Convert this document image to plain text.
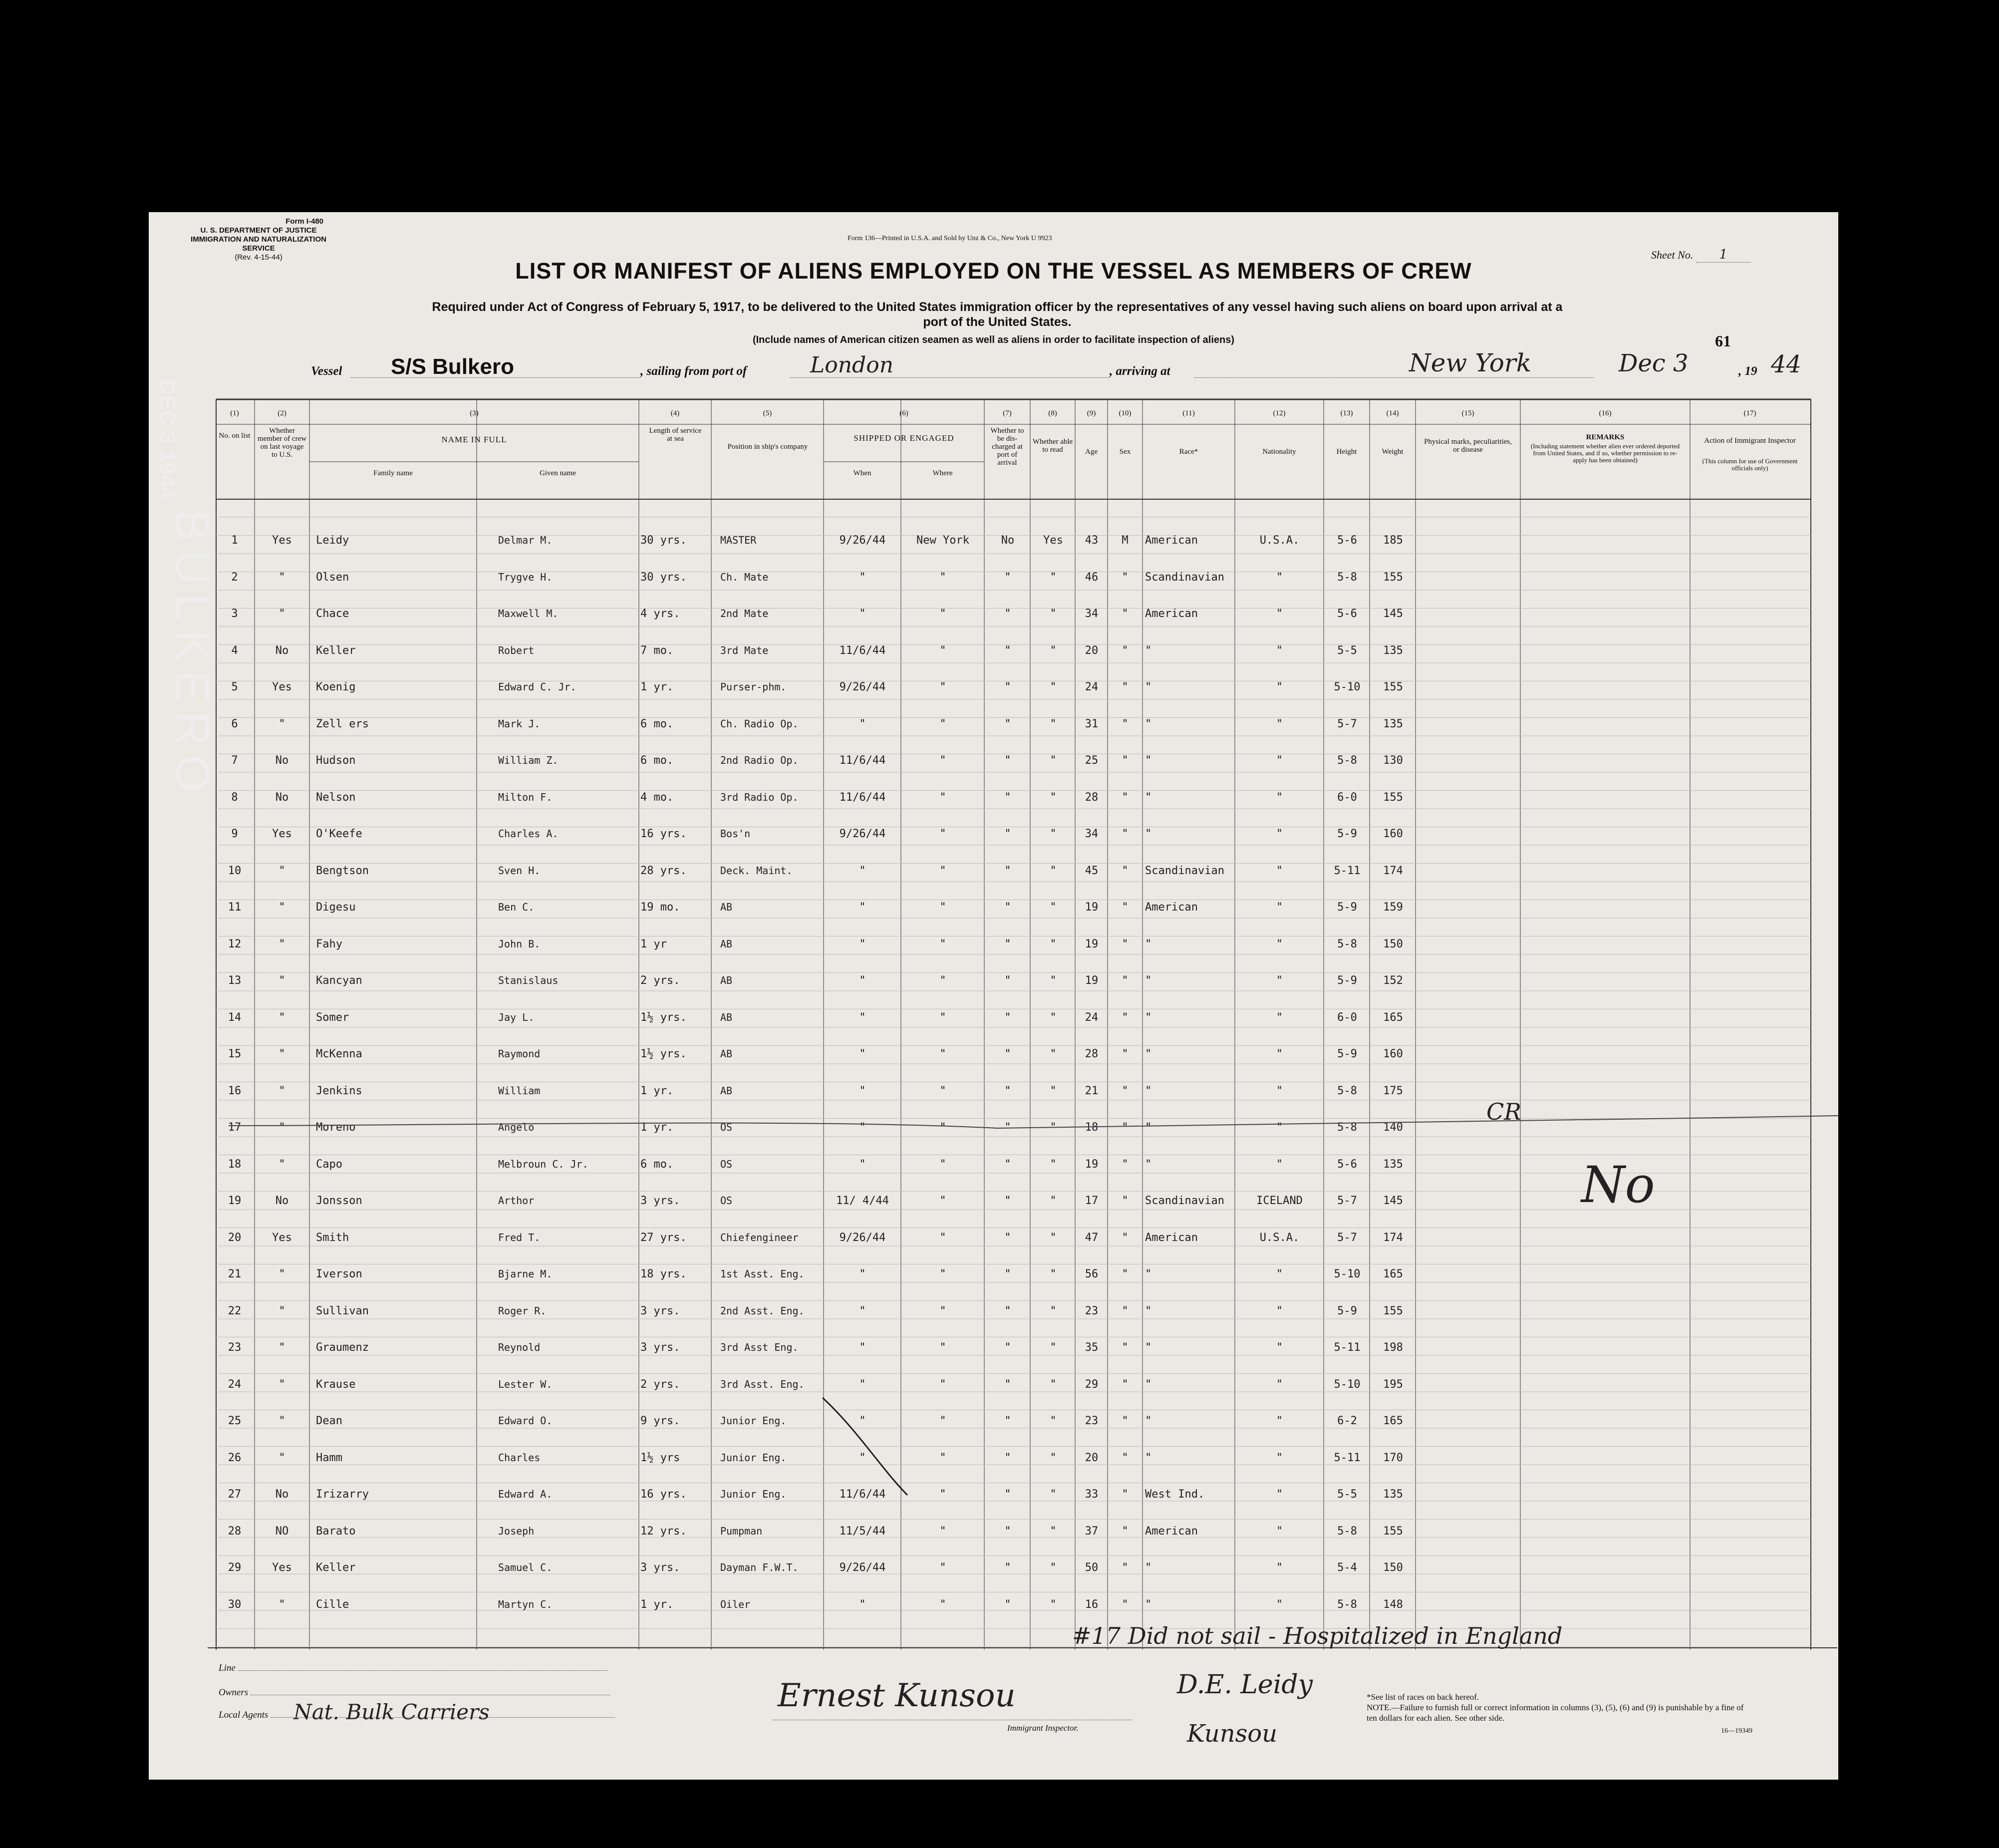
Form I-480
U. S. DEPARTMENT OF JUSTICE
IMMIGRATION AND NATURALIZATION SERVICE
(Rev. 4-15-44)
Form 136—Printed in U.S.A. and Sold by Unz & Co., New York U 9923
Sheet No. 1
LIST OR MANIFEST OF ALIENS EMPLOYED ON THE VESSEL AS MEMBERS OF CREW
Required under Act of Congress of February 5, 1917, to be delivered to the United States immigration officer by the representatives of any vessel having such aliens on board upon arrival at a
port of the United States.
(Include names of American citizen seamen as well as aliens in order to facilitate inspection of aliens)	61
Vessel S/S Bulkero	, sailing from port of	London	, arriving at	New York	Dec 3	, 19 44
(1)	(2)	(3)	(4)	(5)	(6)	(7)	(8)	(9)	(10)	(11)	(12)	(13)	(14)	(15)	(16)	(17)
No. on list
Whether member of crew on last voyage to U.S.
NAME IN FULL
Family name	Given name
Length of service at sea
Position in ship's company
SHIPPED OR ENGAGED
When	Where
Whether to be dis- charged at port of arrival
Whether able to read	Age	Sex	Race*	Nationality	Height	Weight
Physical marks, peculiarities, or disease
REMARKS
(Including statement whether alien ever ordered deported from United States, and if so, whether permission to re-apply has been obtained)
Action of Immigrant Inspector
(This column for use of Government officials only)
1	Yes	Leidy	Delmar M.	30 yrs.	MASTER	9/26/44	New York	No	Yes	43	M	American	U.S.A.	5-6	185
2	"	Olsen	Trygve H.	30 yrs.	Ch. Mate	"	"	"	"	46	"	Scandinavian	"	5-8	155
3	"	Chace	Maxwell M.	4 yrs.	2nd Mate	"	"	"	"	34	"	American	"	5-6	145
4	No	Keller	Robert	7 mo.	3rd Mate	11/6/44	"	"	"	20	"	"	"	5-5	135
5	Yes	Koenig	Edward C. Jr.	1 yr.	Purser-phm.	9/26/44	"	"	"	24	"	"	"	5-10	155
6	"	Zell ers	Mark J.	6 mo.	Ch. Radio Op.	"	"	"	"	31	"	"	"	5-7	135
7	No	Hudson	William Z.	6 mo.	2nd Radio Op.	11/6/44	"	"	"	25	"	"	"	5-8	130
8	No	Nelson	Milton F.	4 mo.	3rd Radio Op.	11/6/44	"	"	"	28	"	"	"	6-0	155
9	Yes	O'Keefe	Charles A.	16 yrs.	Bos'n	9/26/44	"	"	"	34	"	"	"	5-9	160
10	"	Bengtson	Sven H.	28 yrs.	Deck. Maint.	"	"	"	"	45	"	Scandinavian	"	5-11	174
11	"	Digesu	Ben C.	19 mo.	AB	"	"	"	"	19	"	American	"	5-9	159
12	"	Fahy	John B.	1 yr	AB	"	"	"	"	19	"	"	"	5-8	150
13	"	Kancyan	Stanislaus	2 yrs.	AB	"	"	"	"	19	"	"	"	5-9	152
14	"	Somer	Jay L.	1½ yrs.	AB	"	"	"	"	24	"	"	"	6-0	165
15	"	McKenna	Raymond	1½ yrs.	AB	"	"	"	"	28	"	"	"	5-9	160
16	"	Jenkins	William	1 yr.	AB	"	"	"	"	21	"	"	"	5-8	175
17	"	Moreno	Angelo	1 yr.	OS	"	"	"	"	18	"	"	"	5-8	140
18	"	Capo	Melbroun C. Jr.	6 mo.	OS	"	"	"	"	19	"	"	"	5-6	135
19	No	Jonsson	Arthor	3 yrs.	OS	11/ 4/44	"	"	"	17	"	Scandinavian	ICELAND	5-7	145
20	Yes	Smith	Fred T.	27 yrs.	Chiefengineer	9/26/44	"	"	"	47	"	American	U.S.A.	5-7	174
21	"	Iverson	Bjarne M.	18 yrs.	1st Asst. Eng.	"	"	"	"	56	"	"	"	5-10	165
22	"	Sullivan	Roger R.	3 yrs.	2nd Asst. Eng.	"	"	"	"	23	"	"	"	5-9	155
23	"	Graumenz	Reynold	3 yrs.	3rd Asst Eng.	"	"	"	"	35	"	"	"	5-11	198
24	"	Krause	Lester W.	2 yrs.	3rd Asst. Eng.	"	"	"	"	29	"	"	"	5-10	195
25	"	Dean	Edward O.	9 yrs.	Junior Eng.	"	"	"	"	23	"	"	"	6-2	165
26	"	Hamm	Charles	1½ yrs	Junior Eng.	"	"	"	"	20	"	"	"	5-11	170
27	No	Irizarry	Edward A.	16 yrs.	Junior Eng.	11/6/44	"	"	"	33	"	West Ind.	"	5-5	135
28	NO	Barato	Joseph	12 yrs.	Pumpman	11/5/44	"	"	"	37	"	American	"	5-8	155
29	Yes	Keller	Samuel C.	3 yrs.	Dayman F.W.T.	9/26/44	"	"	"	50	"	"	"	5-4	150
30	"	Cille	Martyn C.	1 yr.	Oiler	"	"	"	"	16	"	"	"	5-8	148
CR
No
Line
Owners
Local Agents	Nat. Bulk Carriers	Ernest Kunsou
Immigrant Inspector.
#17 Did not sail - Hospitalized in England
D.E. Leidy
Kunsou
*See list of races on back hereof.
NOTE.—Failure to furnish full or correct information in columns (3), (5), (6) and (9) is punishable by a fine of ten dollars for each alien. See other side.
16—19349
DEC 3 1944
BULKERO
